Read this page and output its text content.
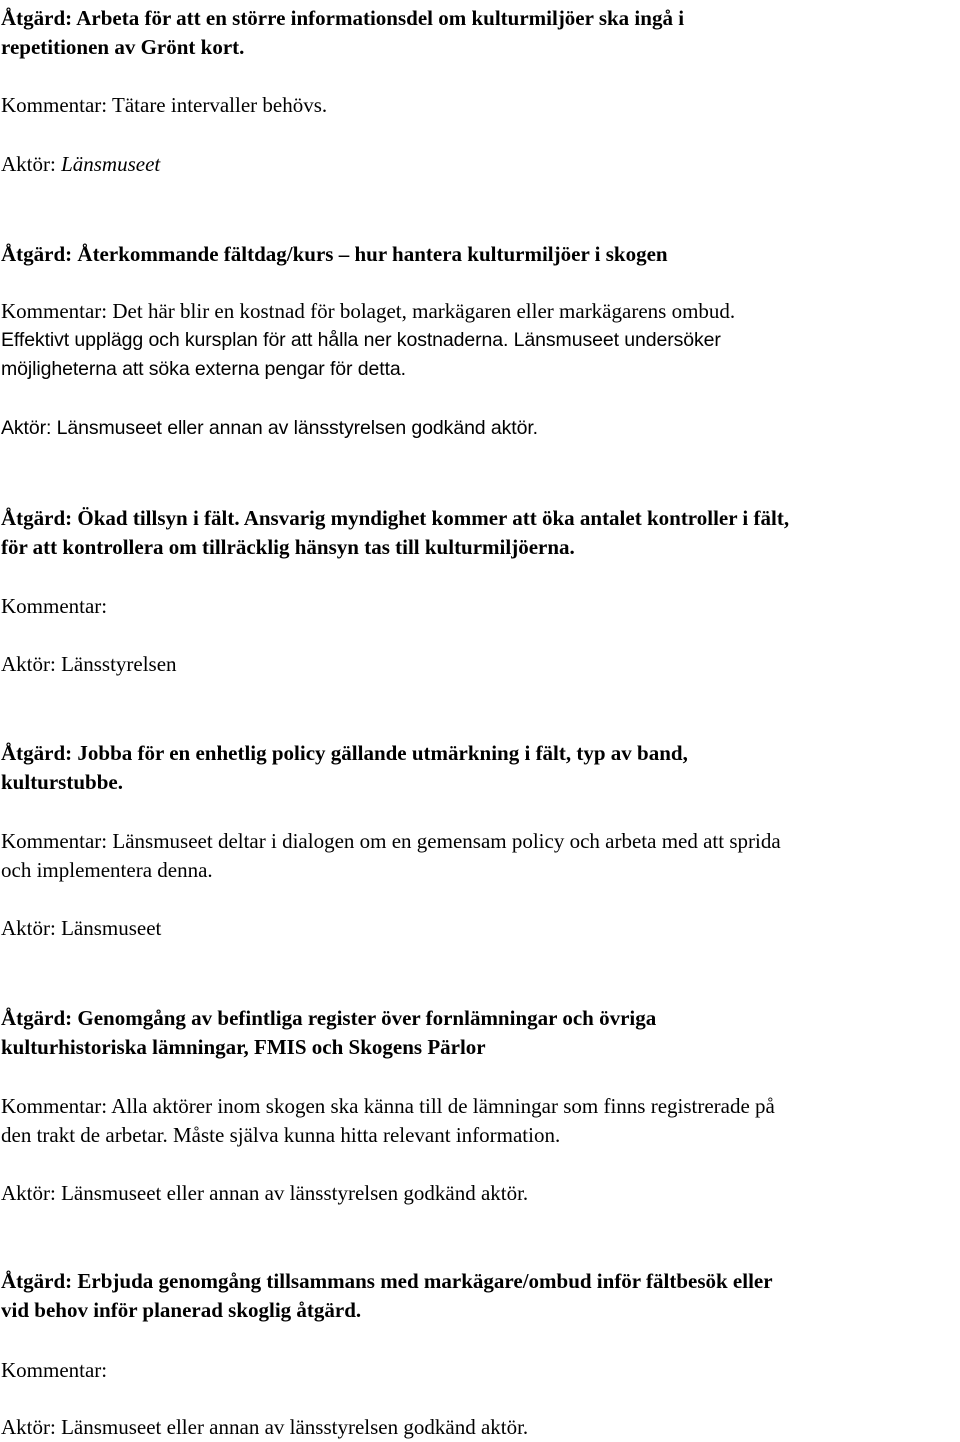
Åtgärd: Arbeta för att en större informationsdel om kulturmiljöer ska ingå i

repetitionen av Grönt kort.

Kommentar: Tätare intervaller behövs.

Aktör: Länsmuseet

Åtgärd: Återkommande fältdag/kurs – hur hantera kulturmiljöer i skogen

Kommentar: Det här blir en kostnad för bolaget, markägaren eller markägarens ombud.

Effektivt upplägg och kursplan för att hålla ner kostnaderna. Länsmuseet undersöker

möjligheterna att söka externa pengar för detta.

Aktör: Länsmuseet eller annan av länsstyrelsen godkänd aktör.

Åtgärd: Ökad tillsyn i fält. Ansvarig myndighet kommer att öka antalet kontroller i fält,

för att kontrollera om tillräcklig hänsyn tas till kulturmiljöerna.

Kommentar:

Aktör: Länsstyrelsen

Åtgärd: Jobba för en enhetlig policy gällande utmärkning i fält, typ av band,

kulturstubbe.

Kommentar: Länsmuseet deltar i dialogen om en gemensam policy och arbeta med att sprida

och implementera denna.

Aktör: Länsmuseet

Åtgärd: Genomgång av befintliga register över fornlämningar och övriga

kulturhistoriska lämningar, FMIS och Skogens Pärlor

Kommentar: Alla aktörer inom skogen ska känna till de lämningar som finns registrerade på

den trakt de arbetar. Måste själva kunna hitta relevant information.

Aktör: Länsmuseet eller annan av länsstyrelsen godkänd aktör.

Åtgärd: Erbjuda genomgång tillsammans med markägare/ombud inför fältbesök eller

vid behov inför planerad skoglig åtgärd.

Kommentar:

Aktör: Länsmuseet eller annan av länsstyrelsen godkänd aktör.
